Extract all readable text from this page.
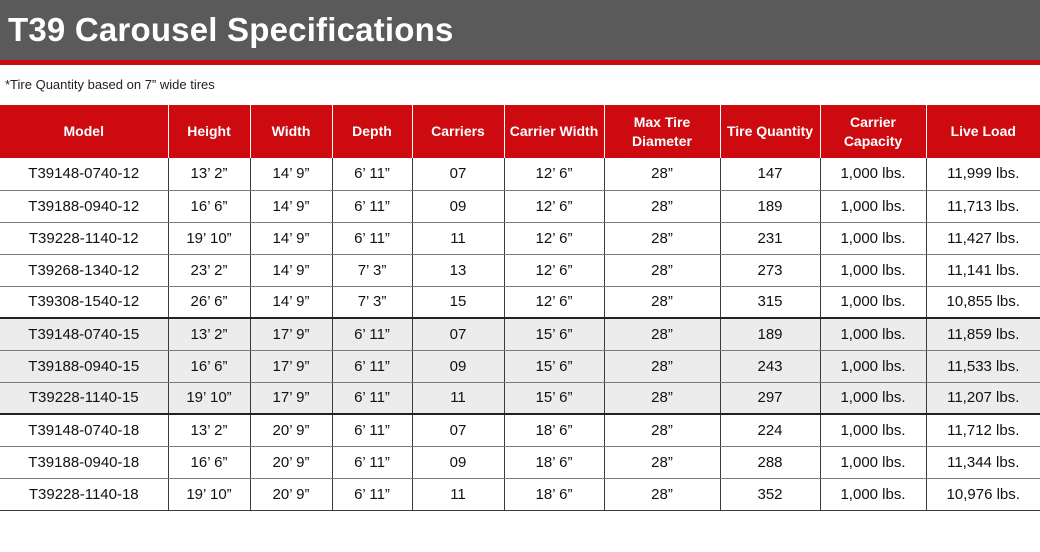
T39 Carousel Specifications
*Tire Quantity based on 7” wide tires
Model	Height	Width	Depth	Carriers	Carrier Width	Max Tire Diameter	Tire Quantity	Carrier Capacity	Live Load
T39148-0740-12	13’ 2”	14’ 9”	6’ 11”	07	12’ 6”	28”	147	1,000 lbs.	11,999 lbs.
T39188-0940-12	16’ 6”	14’ 9”	6’ 11”	09	12’ 6”	28”	189	1,000 lbs.	11,713 lbs.
T39228-1140-12	19’ 10”	14’ 9”	6’ 11”	11	12’ 6”	28”	231	1,000 lbs.	11,427 lbs.
T39268-1340-12	23’ 2”	14’ 9”	7’ 3”	13	12’ 6”	28”	273	1,000 lbs.	11,141 lbs.
T39308-1540-12	26’ 6”	14’ 9”	7’ 3”	15	12’ 6”	28”	315	1,000 lbs.	10,855 lbs.
T39148-0740-15	13’ 2”	17’ 9”	6’ 11”	07	15’ 6”	28”	189	1,000 lbs.	11,859 lbs.
T39188-0940-15	16’ 6”	17’ 9”	6’ 11”	09	15’ 6”	28”	243	1,000 lbs.	11,533 lbs.
T39228-1140-15	19’ 10”	17’ 9”	6’ 11”	11	15’ 6”	28”	297	1,000 lbs.	11,207 lbs.
T39148-0740-18	13’ 2”	20’ 9”	6’ 11”	07	18’ 6”	28”	224	1,000 lbs.	11,712 lbs.
T39188-0940-18	16’ 6”	20’ 9”	6’ 11”	09	18’ 6”	28”	288	1,000 lbs.	11,344 lbs.
T39228-1140-18	19’ 10”	20’ 9”	6’ 11”	11	18’ 6”	28”	352	1,000 lbs.	10,976 lbs.
